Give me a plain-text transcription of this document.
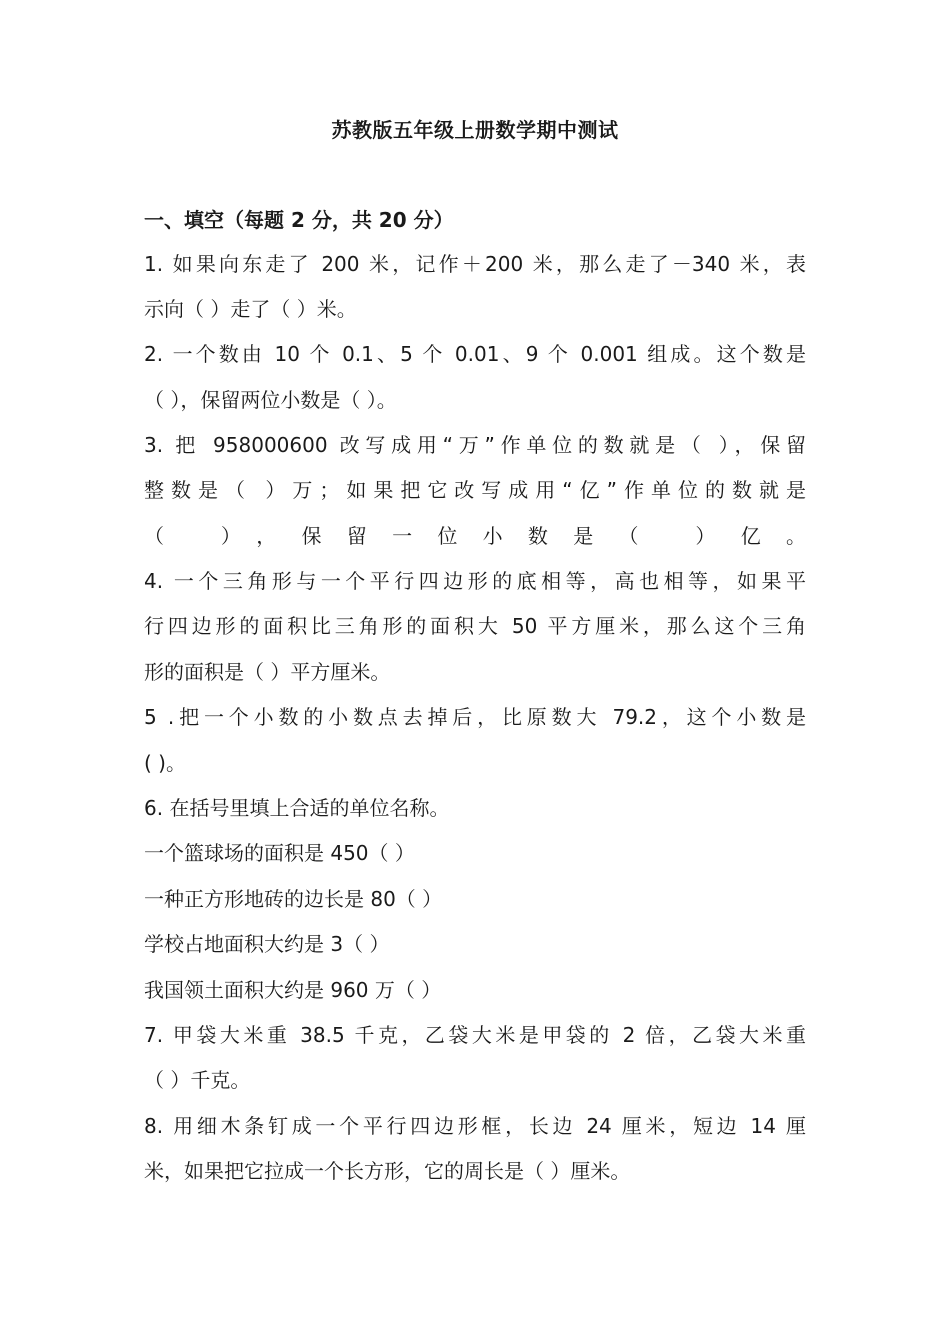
苏教版五年级上册数学期中测试
一、填空（每题 2 分，共 20 分）
1. 如果向东走了 200 米，记作＋200 米，那么走了－340 米，表
示向（ ）走了（ ）米。
2. 一个数由 10 个 0.1、5 个 0.01、9 个 0.001 组成。这个数是
（ ），保留两位小数是（ ）。
3. 把 958000600 改写成用“万”作单位的数就是（ ），保留
整数是（ ）万；如果把它改写成用“亿”作单位的数就是
（ ），保留一位小数是（ ）亿。
4. 一个三角形与一个平行四边形的底相等，高也相等，如果平
行四边形的面积比三角形的面积大 50 平方厘米，那么这个三角
形的面积是（ ）平方厘米。
5 .把一个小数的小数点去掉后，比原数大 79.2，这个小数是
( )。
6. 在括号里填上合适的单位名称。
一个篮球场的面积是 450（ ）
一种正方形地砖的边长是 80（ ）
学校占地面积大约是 3（ ）
我国领土面积大约是 960 万（ ）
7. 甲袋大米重 38.5 千克，乙袋大米是甲袋的 2 倍，乙袋大米重
（ ）千克。
8. 用细木条钉成一个平行四边形框，长边 24 厘米，短边 14 厘
米，如果把它拉成一个长方形，它的周长是（ ）厘米。
